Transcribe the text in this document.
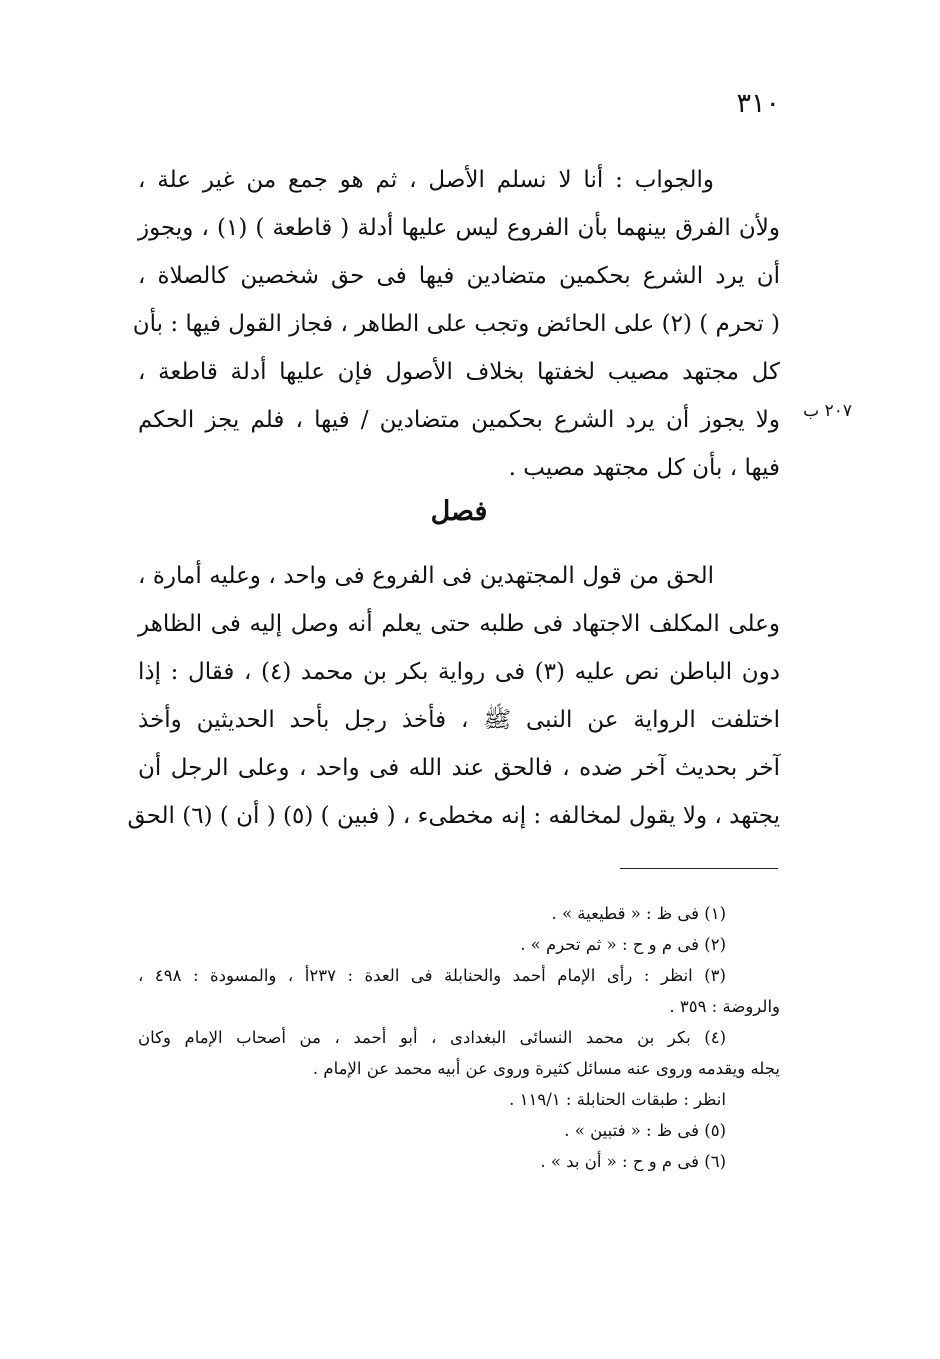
٣١٠
والجواب : أنا لا نسلم الأصل ، ثم هو جمع من غير علة ،
ولأن الفرق بينهما بأن الفروع ليس عليها أدلة ( قاطعة ) (١) ، ويجوز
أن يرد الشرع بحكمين متضادين فيها فى حق شخصين كالصلاة ،
( تحرم ) (٢) على الحائض وتجب على الطاهر ، فجاز القول فيها : بأن
كل مجتهد مصيب لخفتها بخلاف الأصول فإن عليها أدلة قاطعة ،
ولا يجوز أن يرد الشرع بحكمين متضادين / فيها ، فلم يجز الحكم
فيها ، بأن كل مجتهد مصيب .
٢٠٧ ب
فصل
الحق من قول المجتهدين فى الفروع فى واحد ، وعليه أمارة ،
وعلى المكلف الاجتهاد فى طلبه حتى يعلم أنه وصل إليه فى الظاهر
دون الباطن نص عليه (٣) فى رواية بكر بن محمد (٤) ، فقال : إذا
اختلفت الرواية عن النبى ﷺ ، فأخذ رجل بأحد الحديثين وأخذ
آخر بحديث آخر ضده ، فالحق عند الله فى واحد ، وعلى الرجل أن
يجتهد ، ولا يقول لمخالفه : إنه مخطىء ، ( فبين ) (٥) ( أن ) (٦) الحق
(١) فى ظ : « قطيعية » .
(٢) فى م و ح : « ثم تحرم » .
(٣) انظر : رأى الإمام أحمد والحنابلة فى العدة : ٢٣٧أ ، والمسودة : ٤٩٨ ،
والروضة : ٣٥٩ .
(٤) بكر بن محمد النسائى البغدادى ، أبو أحمد ، من أصحاب الإمام وكان
يجله ويقدمه وروى عنه مسائل كثيرة وروى عن أبيه محمد عن الإمام .
انظر : طبقات الحنابلة : ١١٩/١ .
(٥) فى ظ : « فتبين » .
(٦) فى م و ح : « أن بد » .
